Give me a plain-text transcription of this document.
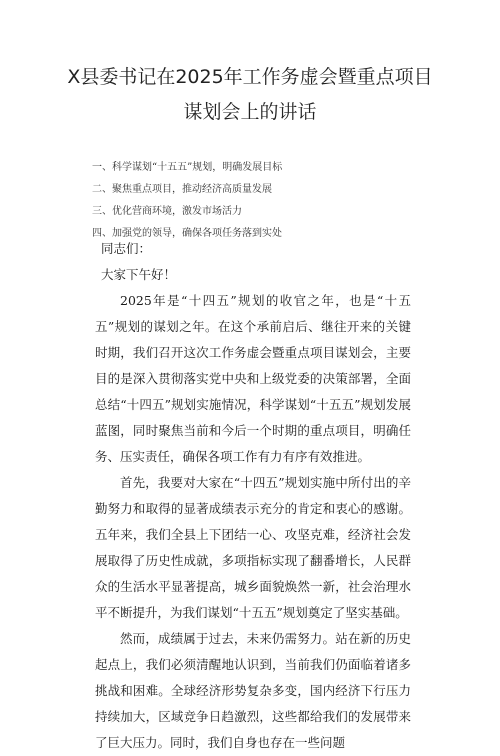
X县委书记在2025年工作务虚会暨重点项目
谋划会上的讲话
一、科学谋划“十五五”规划，明确发展目标
二、聚焦重点项目，推动经济高质量发展
三、优化营商环境，激发市场活力
四、加强党的领导，确保各项任务落到实处
同志们：
大家下午好！

2025年是“十四五”规划的收官之年，也是“十五五”规划的谋划之年。在这个承前启后、继往开来的关键时期，我们召开这次工作务虚会暨重点项目谋划会，主要目的是深入贯彻落实党中央和上级党委的决策部署，全面总结“十四五”规划实施情况，科学谋划“十五五”规划发展蓝图，同时聚焦当前和今后一个时期的重点项目，明确任务、压实责任，确保各项工作有力有序有效推进。

首先，我要对大家在“十四五”规划实施中所付出的辛勤努力和取得的显著成绩表示充分的肯定和衷心的感谢。五年来，我们全县上下团结一心、攻坚克难，经济社会发展取得了历史性成就，多项指标实现了翻番增长，人民群众的生活水平显著提高，城乡面貌焕然一新，社会治理水平不断提升，为我们谋划“十五五”规划奠定了坚实基础。

然而，成绩属于过去，未来仍需努力。站在新的历史起点上，我们必须清醒地认识到，当前我们仍面临着诸多挑战和困难。全球经济形势复杂多变，国内经济下行压力持续加大，区域竞争日趋激烈，这些都给我们的发展带来了巨大压力。同时，我们自身也存在一些问题
